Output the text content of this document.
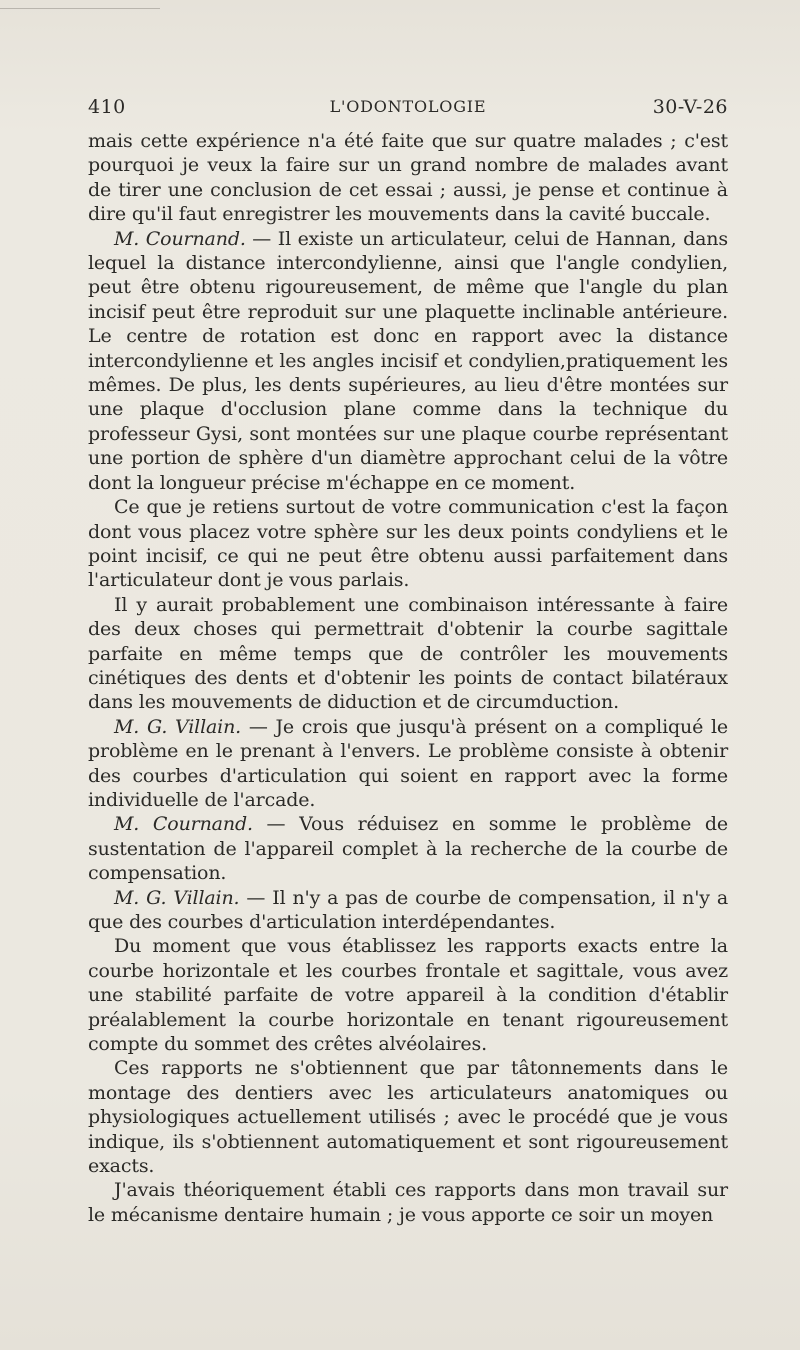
410	L'ODONTOLOGIE	30-V-26

mais cette expérience n'a été faite que sur quatre malades ; c'est pourquoi je veux la faire sur un grand nombre de malades avant de tirer une conclusion de cet essai ; aussi, je pense et continue à dire qu'il faut enregistrer les mouvements dans la cavité buccale.

M. Cournand. — Il existe un articulateur, celui de Hannan, dans lequel la distance intercondylienne, ainsi que l'angle condylien, peut être obtenu rigoureusement, de même que l'angle du plan incisif peut être reproduit sur une plaquette inclinable antérieure. Le centre de rotation est donc en rapport avec la distance intercondylienne et les angles incisif et condylien,pratiquement les mêmes. De plus, les dents supérieures, au lieu d'être montées sur une plaque d'occlusion plane comme dans la technique du professeur Gysi, sont montées sur une plaque courbe représentant une portion de sphère d'un diamètre approchant celui de la vôtre dont la longueur précise m'échappe en ce moment.

Ce que je retiens surtout de votre communication c'est la façon dont vous placez votre sphère sur les deux points condyliens et le point incisif, ce qui ne peut être obtenu aussi parfaitement dans l'articulateur dont je vous parlais.

Il y aurait probablement une combinaison intéressante à faire des deux choses qui permettrait d'obtenir la courbe sagittale parfaite en même temps que de contrôler les mouvements cinétiques des dents et d'obtenir les points de contact bilatéraux dans les mouvements de diduction et de circumduction.

M. G. Villain. — Je crois que jusqu'à présent on a compliqué le problème en le prenant à l'envers. Le problème consiste à obtenir des courbes d'articulation qui soient en rapport avec la forme individuelle de l'arcade.

M. Cournand. — Vous réduisez en somme le problème de sustentation de l'appareil complet à la recherche de la courbe de compensation.

M. G. Villain. — Il n'y a pas de courbe de compensation, il n'y a que des courbes d'articulation interdépendantes.

Du moment que vous établissez les rapports exacts entre la courbe horizontale et les courbes frontale et sagittale, vous avez une stabilité parfaite de votre appareil à la condition d'établir préalablement la courbe horizontale en tenant rigoureusement compte du sommet des crêtes alvéolaires.

Ces rapports ne s'obtiennent que par tâtonnements dans le montage des dentiers avec les articulateurs anatomiques ou physiologiques actuellement utilisés ; avec le procédé que je vous indique, ils s'obtiennent automatiquement et sont rigoureusement exacts.

J'avais théoriquement établi ces rapports dans mon travail sur le mécanisme dentaire humain ; je vous apporte ce soir un moyen
